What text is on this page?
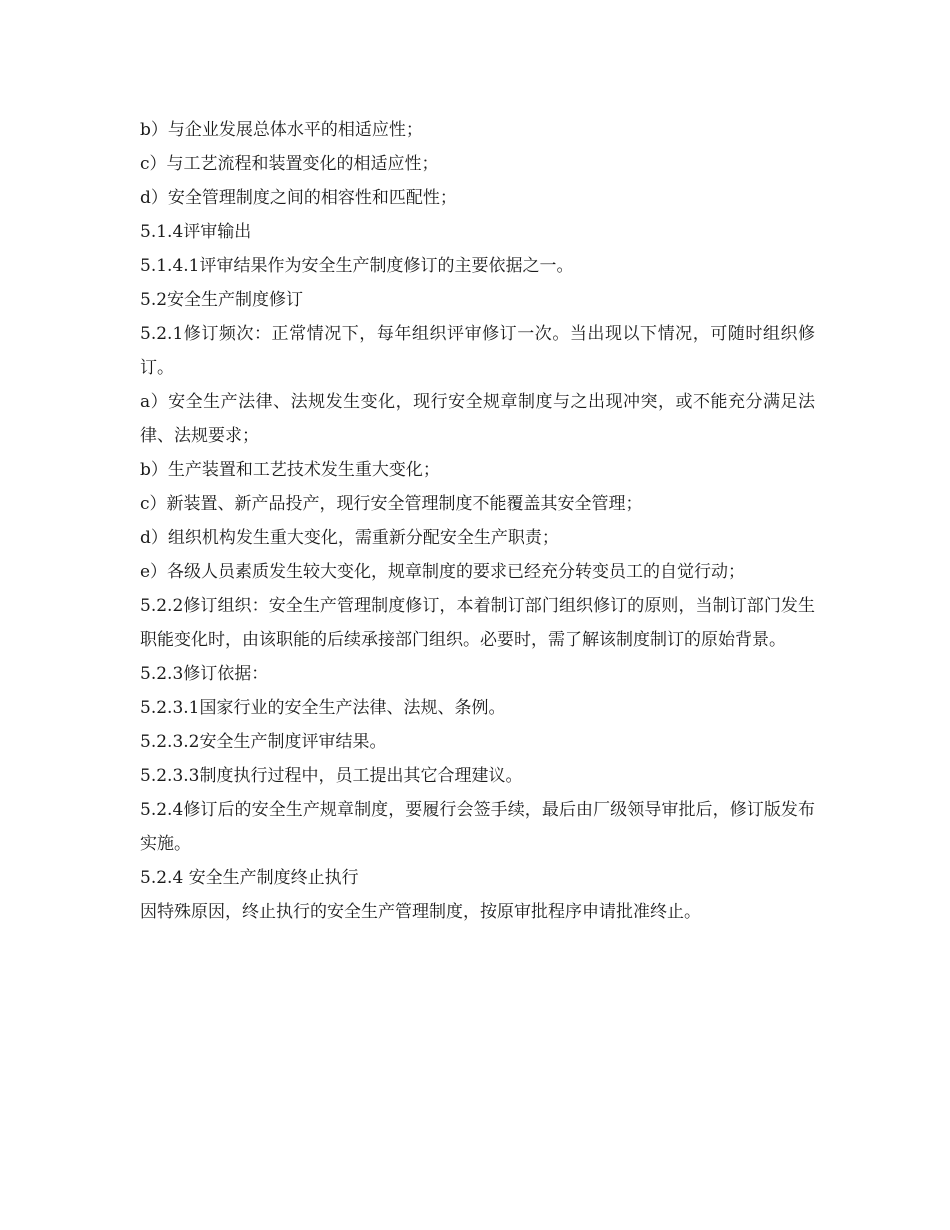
b）与企业发展总体水平的相适应性；

c）与工艺流程和装置变化的相适应性；

d）安全管理制度之间的相容性和匹配性；

5.1.4评审输出

5.1.4.1评审结果作为安全生产制度修订的主要依据之一。

5.2安全生产制度修订

5.2.1修订频次：正常情况下，每年组织评审修订一次。当出现以下情况，可随时组织修订。

a）安全生产法律、法规发生变化，现行安全规章制度与之出现冲突，或不能充分满足法律、法规要求；

b）生产装置和工艺技术发生重大变化；

c）新装置、新产品投产，现行安全管理制度不能覆盖其安全管理；

d）组织机构发生重大变化，需重新分配安全生产职责；

e）各级人员素质发生较大变化，规章制度的要求已经充分转变员工的自觉行动；

5.2.2修订组织：安全生产管理制度修订，本着制订部门组织修订的原则，当制订部门发生职能变化时，由该职能的后续承接部门组织。必要时，需了解该制度制订的原始背景。

5.2.3修订依据：

5.2.3.1国家行业的安全生产法律、法规、条例。

5.2.3.2安全生产制度评审结果。

5.2.3.3制度执行过程中，员工提出其它合理建议。

5.2.4修订后的安全生产规章制度，要履行会签手续，最后由厂级领导审批后，修订版发布实施。

5.2.4 安全生产制度终止执行

因特殊原因，终止执行的安全生产管理制度，按原审批程序申请批准终止。
